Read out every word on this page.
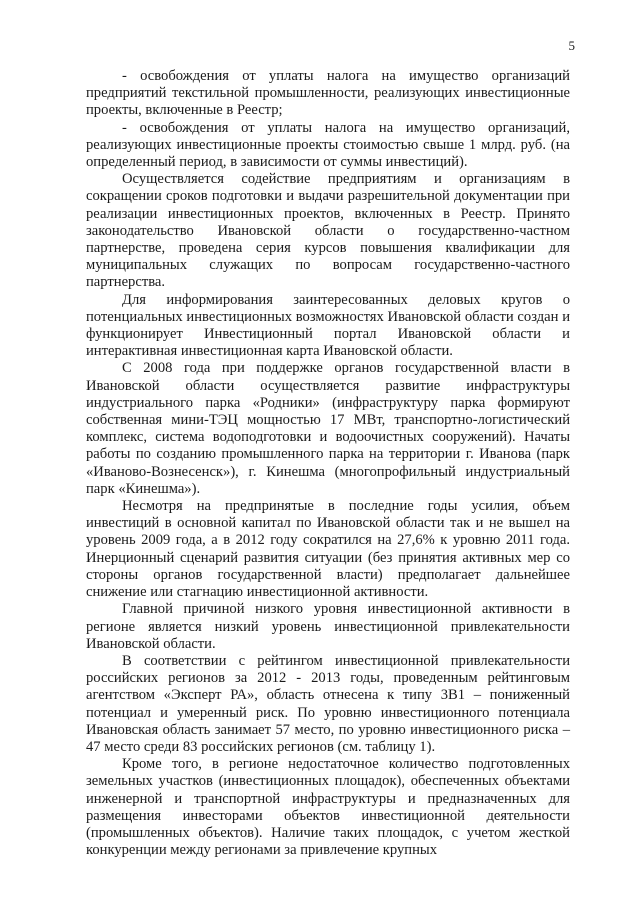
5

- освобождения от уплаты налога на имущество организаций предприятий текстильной промышленности, реализующих инвестиционные проекты, включенные в Реестр;

- освобождения от уплаты налога на имущество организаций, реализующих инвестиционные проекты стоимостью свыше 1 млрд. руб. (на определенный период, в зависимости от суммы инвестиций).

Осуществляется содействие предприятиям и организациям в сокращении сроков подготовки и выдачи разрешительной документации при реализации инвестиционных проектов, включенных в Реестр. Принято законодательство Ивановской области о государственно-частном партнерстве, проведена серия курсов повышения квалификации для муниципальных служащих по вопросам государственно-частного партнерства.

Для информирования заинтересованных деловых кругов о потенциальных инвестиционных возможностях Ивановской области создан и функционирует Инвестиционный портал Ивановской области и интерактивная инвестиционная карта Ивановской области.

С 2008 года при поддержке органов государственной власти в Ивановской области осуществляется развитие инфраструктуры индустриального парка «Родники» (инфраструктуру парка формируют собственная мини-ТЭЦ мощностью 17 МВт, транспортно-логистический комплекс, система водоподготовки и водоочистных сооружений). Начаты работы по созданию промышленного парка на территории г. Иванова (парк «Иваново-Вознесенск»), г. Кинешма (многопрофильный индустриальный парк «Кинешма»).

Несмотря на предпринятые в последние годы усилия, объем инвестиций в основной капитал по Ивановской области так и не вышел на уровень 2009 года, а в 2012 году сократился на 27,6% к уровню 2011 года. Инерционный сценарий развития ситуации (без принятия активных мер со стороны органов государственной власти) предполагает дальнейшее снижение или стагнацию инвестиционной активности.

Главной причиной низкого уровня инвестиционной активности в регионе является низкий уровень инвестиционной привлекательности Ивановской области.

В соответствии с рейтингом инвестиционной привлекательности российских регионов за 2012 - 2013 годы, проведенным рейтинговым агентством «Эксперт РА», область отнесена к типу 3В1 – пониженный потенциал и умеренный риск. По уровню инвестиционного потенциала Ивановская область занимает 57 место, по уровню инвестиционного риска – 47 место среди 83 российских регионов (см. таблицу 1).

Кроме того, в регионе недостаточное количество подготовленных земельных участков (инвестиционных площадок), обеспеченных объектами инженерной и транспортной инфраструктуры и предназначенных для размещения инвесторами объектов инвестиционной деятельности (промышленных объектов). Наличие таких площадок, с учетом жесткой конкуренции между регионами за привлечение крупных
